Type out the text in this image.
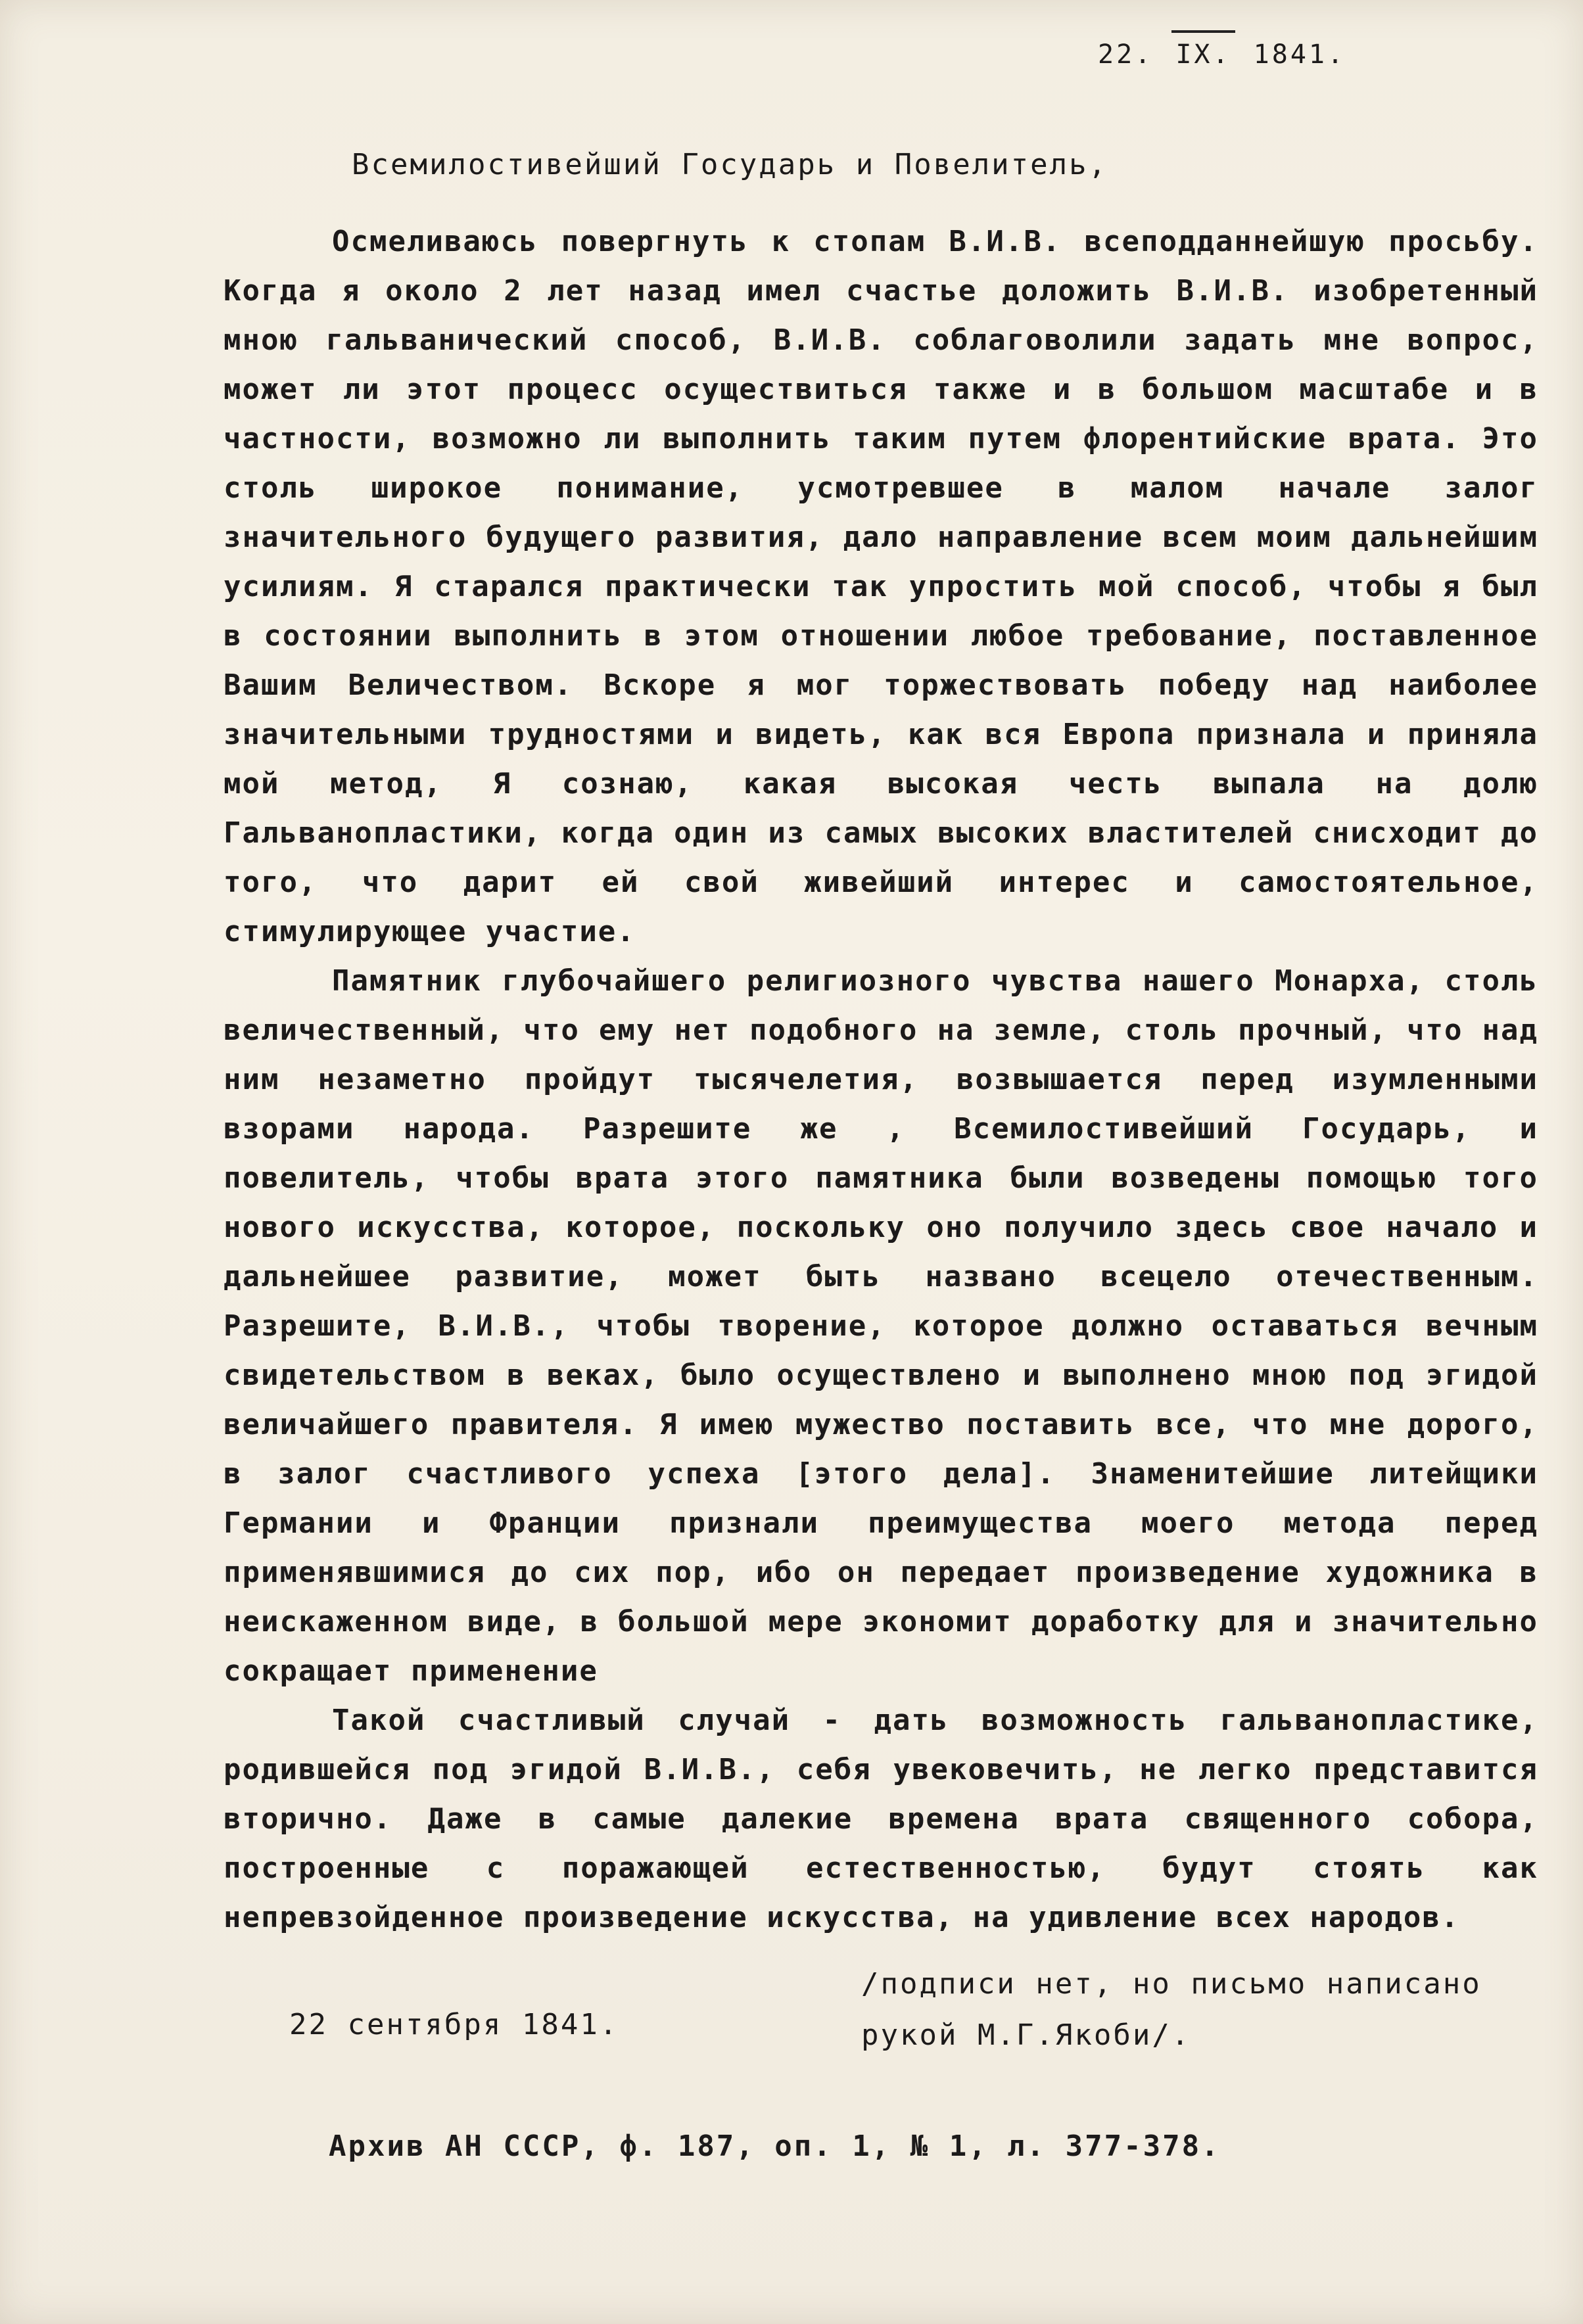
22. IX. 1841.
Всемилостивейший Государь и Повелитель,

Осмеливаюсь повергнуть к стопам В.И.В. всеподданнейшую просьбу. Когда я около 2 лет назад имел счастье доложить В.И.В. изобретенный мною гальванический способ, В.И.В. соблаговолили задать мне вопрос, может ли этот процесс осуществиться также и в большом масштабе и в частности, возможно ли выполнить таким путем флорентийские врата. Это столь широкое понимание, усмотревшее в малом начале залог значительного будущего развития, дало направление всем моим дальнейшим усилиям. Я старался практически так упростить мой способ, чтобы я был в состоянии выполнить в этом отношении любое требование, поставленное Вашим Величеством. Вскоре я мог торжествовать победу над наиболее значительными трудностями и видеть, как вся Европа признала и приняла мой метод, Я сознаю, какая высокая честь выпала на долю Гальванопластики, когда один из самых высоких властителей снисходит до того, что дарит ей свой живейший интерес и самостоятельное, стимулирующее участие.

Памятник глубочайшего религиозного чувства нашего Монарха, столь величественный, что ему нет подобного на земле, столь прочный, что над ним незаметно пройдут тысячелетия, возвышается перед изумленными взорами народа. Разрешите же , Всемилостивейший Государь, и повелитель, чтобы врата этого памятника были возведены помощью того нового искусства, которое, поскольку оно получило здесь свое начало и дальнейшее развитие, может быть названо всецело отечественным. Разрешите, В.И.В., чтобы творение, которое должно оставаться вечным свидетельством в веках, было осуществлено и выполнено мною под эгидой величайшего правителя. Я имею мужество поставить все, что мне дорого, в залог счастливого успеха [этого дела]. Знаменитейшие литейщики Германии и Франции признали преимущества моего метода перед применявшимися до сих пор, ибо он передает произведение художника в неискаженном виде, в большой мере экономит доработку для и значительно сокращает применение

Такой счастливый случай - дать возможность гальванопластике, родившейся под эгидой В.И.В., себя увековечить, не легко представится вторично. Даже в самые далекие времена врата священного собора, построенные с поражающей естественностью, будут стоять как непревзойденное произведение искусства, на удивление всех народов.

/подписи нет, но письмо написано
рукой М.Г.Якоби/.
22 сентября 1841.
Архив АН СССР, ф. 187, оп. 1, № 1, л. 377-378.
